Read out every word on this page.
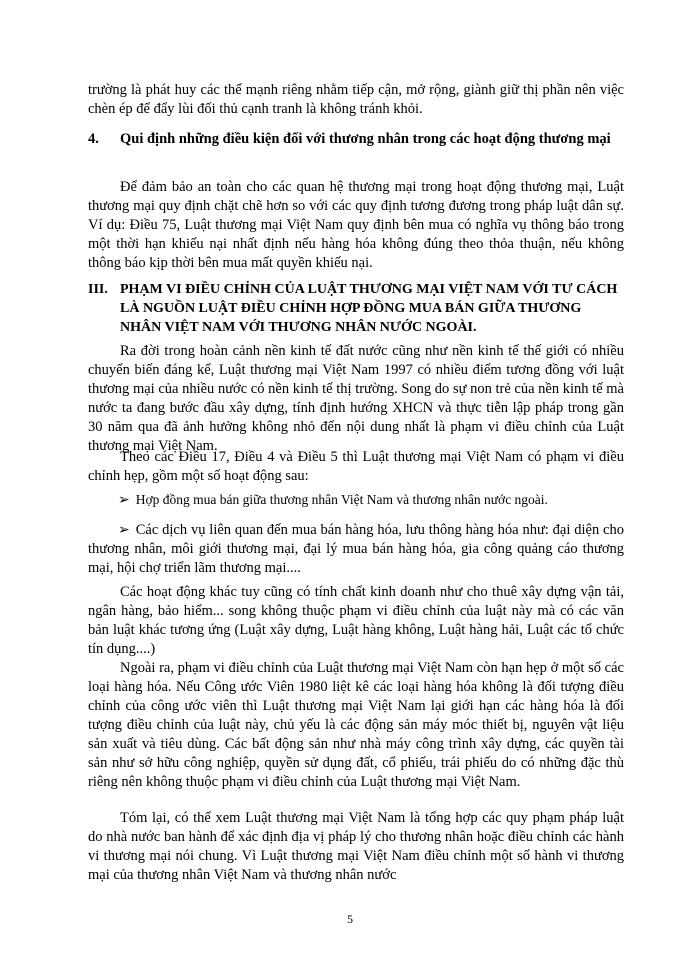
trường là phát huy các thế mạnh riêng nhằm tiếp cận, mở rộng, giành giữ thị phần nên việc chèn ép để đẩy lùi đối thủ cạnh tranh là không tránh khỏi.

4. Qui định những điều kiện đối với thương nhân trong các hoạt động thương mại

Để đảm bảo an toàn cho các quan hệ thương mại trong hoạt động thương mại, Luật thương mại quy định chặt chẽ hơn so với các quy định tương đương trong pháp luật dân sự. Ví dụ: Điều 75, Luật thương mại Việt Nam quy định bên mua có nghĩa vụ thông báo trong một thời hạn khiếu nại nhất định nếu hàng hóa không đúng theo thỏa thuận, nếu không thông báo kịp thời bên mua mất quyền khiếu nại.

III. PHẠM VI ĐIỀU CHỈNH CỦA LUẬT THƯƠNG MẠI VIỆT NAM VỚI TƯ CÁCH LÀ NGUỒN LUẬT ĐIỀU CHỈNH HỢP ĐỒNG MUA BÁN GIỮA THƯƠNG NHÂN VIỆT NAM VỚI THƯƠNG NHÂN NƯỚC NGOÀI.

Ra đời trong hoàn cảnh nền kinh tế đất nước cũng như nền kinh tế thế giới có nhiều chuyển biến đáng kể, Luật thương mại Việt Nam 1997 có nhiều điểm tương đồng với luật thương mại của nhiều nước có nền kinh tế thị trường. Song do sự non trẻ của nền kinh tế mà nước ta đang bước đầu xây dựng, tính định hướng XHCN và thực tiễn lập pháp trong gần 30 năm qua đã ảnh hưởng không nhỏ đến nội dung nhất là phạm vi điều chỉnh của Luật thương mại Việt Nam.

Theo các Điều 17, Điều 4 và Điều 5 thì Luật thương mại Việt Nam có phạm vi điều chỉnh hẹp, gồm một số hoạt động sau:

➢ Hợp đồng mua bán giữa thương nhân Việt Nam và thương nhân nước ngoài.

➢ Các dịch vụ liên quan đến mua bán hàng hóa, lưu thông hàng hóa như: đại diện cho thương nhân, môi giới thương mại, đại lý mua bán hàng hóa, gia công quảng cáo thương mại, hội chợ triển lãm thương mại....

Các hoạt động khác tuy cũng có tính chất kinh doanh như cho thuê xây dựng vận tải, ngân hàng, bảo hiểm... song không thuộc phạm vi điều chỉnh của luật này mà có các văn bản luật khác tương ứng (Luật xây dựng, Luật hàng không, Luật hàng hải, Luật các tổ chức tín dụng....)

Ngoài ra, phạm vi điều chỉnh của Luật thương mại Việt Nam còn hạn hẹp ở một số các loại hàng hóa. Nếu Công ước Viên 1980 liệt kê các loại hàng hóa không là đối tượng điều chỉnh của công ước viên thì Luật thương mại Việt Nam lại giới hạn các hàng hóa là đối tượng điều chỉnh của luật này, chủ yếu là các động sản máy móc thiết bị, nguyên vật liệu sản xuất và tiêu dùng. Các bất động sản như nhà máy công trình xây dựng, các quyền tài sản như sở hữu công nghiệp, quyền sử dụng đất, cổ phiếu, trái phiếu do có những đặc thù riêng nên không thuộc phạm vi điều chỉnh của Luật thương mại Việt Nam.

Tóm lại, có thể xem Luật thương mại Việt Nam là tổng hợp các quy phạm pháp luật do nhà nước ban hành để xác định địa vị pháp lý cho thương nhân hoặc điều chỉnh các hành vi thương mại nói chung. Vì Luật thương mại Việt Nam điều chỉnh một số hành vi thương mại của thương nhân Việt Nam và thương nhân nước

5
